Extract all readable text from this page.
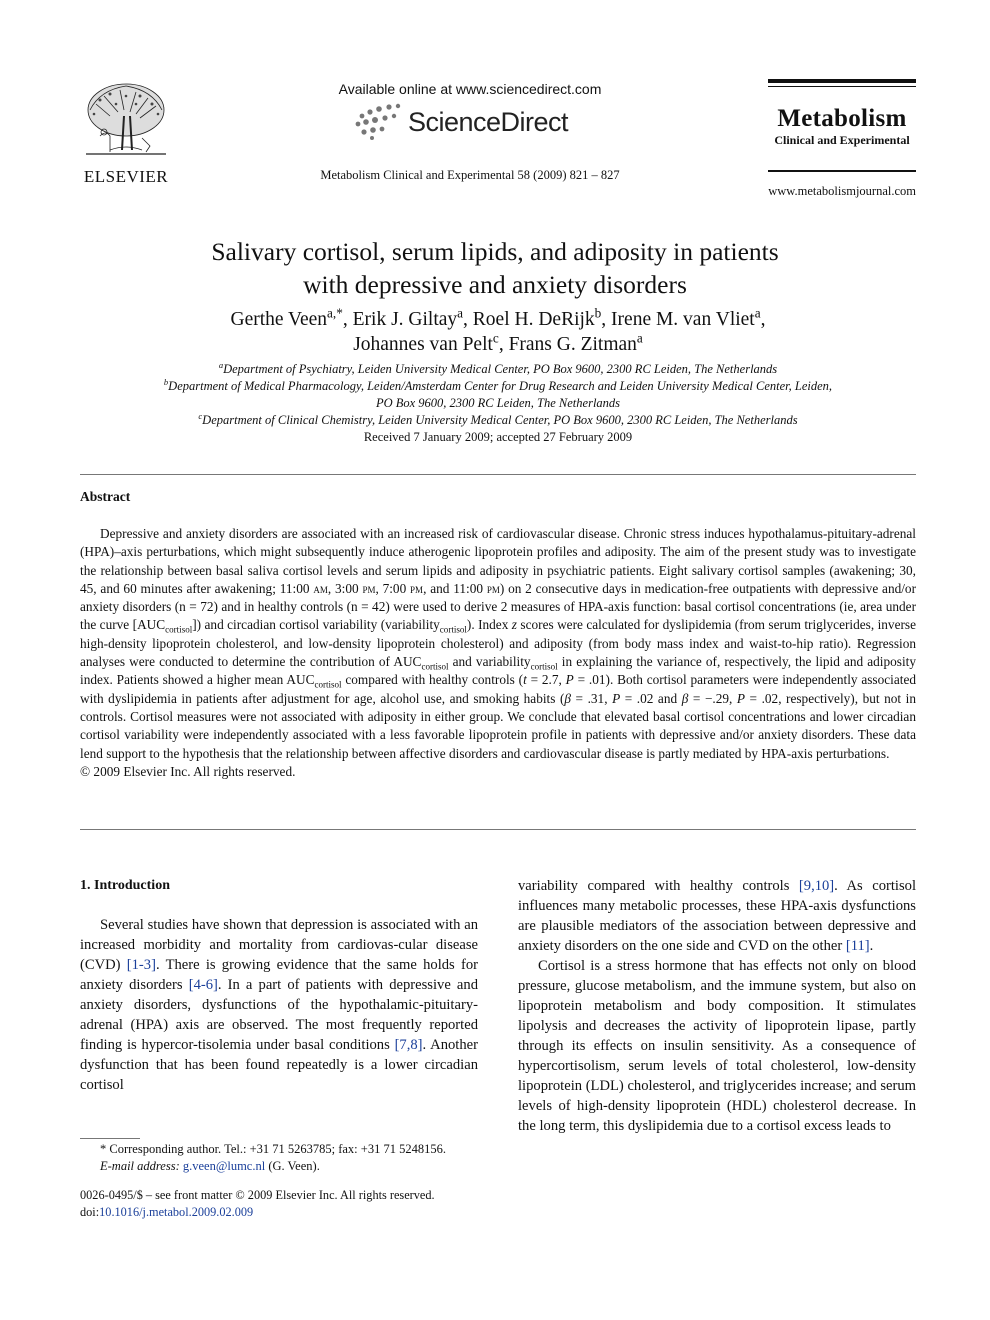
ELSEVIER
Available online at www.sciencedirect.com
ScienceDirect
Metabolism Clinical and Experimental 58 (2009) 821 – 827
Metabolism
Clinical and Experimental
www.metabolismjournal.com
Salivary cortisol, serum lipids, and adiposity in patients
with depressive and anxiety disorders
Gerthe Veen$^{a,*}$, Erik J. Giltay$^a$, Roel H. DeRijk$^b$, Irene M. van Vliet$^a$,
Johannes van Pelt$^c$, Frans G. Zitman$^a$
$^a$Department of Psychiatry, Leiden University Medical Center, PO Box 9600, 2300 RC Leiden, The Netherlands
$^b$Department of Medical Pharmacology, Leiden/Amsterdam Center for Drug Research and Leiden University Medical Center, Leiden,
PO Box 9600, 2300 RC Leiden, The Netherlands
$^c$Department of Clinical Chemistry, Leiden University Medical Center, PO Box 9600, 2300 RC Leiden, The Netherlands
Received 7 January 2009; accepted 27 February 2009
Abstract

Depressive and anxiety disorders are associated with an increased risk of cardiovascular disease. Chronic stress induces hypothalamus-pituitary-adrenal (HPA)–axis perturbations, which might subsequently induce atherogenic lipoprotein profiles and adiposity. The aim of the present study was to investigate the relationship between basal saliva cortisol levels and serum lipids and adiposity in psychiatric patients. Eight salivary cortisol samples (awakening; 30, 45, and 60 minutes after awakening; 11:00 am, 3:00 pm, 7:00 pm, and 11:00 pm) on 2 consecutive days in medication-free outpatients with depressive and/or anxiety disorders (n = 72) and in healthy controls (n = 42) were used to derive 2 measures of HPA-axis function: basal cortisol concentrations (ie, area under the curve $[AUC_{cortisol}]$) and circadian cortisol variability (variability$_{cortisol}$). Index z scores were calculated for dyslipidemia (from serum triglycerides, inverse high-density lipoprotein cholesterol, and low-density lipoprotein cholesterol) and adiposity (from body mass index and waist-to-hip ratio). Regression analyses were conducted to determine the contribution of $AUC_{cortisol}$ and variability$_{cortisol}$ in explaining the variance of, respectively, the lipid and adiposity index. Patients showed a higher mean $AUC_{cortisol}$ compared with healthy controls (t = 2.7, P = .01). Both cortisol parameters were independently associated with dyslipidemia in patients after adjustment for age, alcohol use, and smoking habits (β = .31, P = .02 and β = −.29, P = .02, respectively), but not in controls. Cortisol measures were not associated with adiposity in either group. We conclude that elevated basal cortisol concentrations and lower circadian cortisol variability were independently associated with a less favorable lipoprotein profile in patients with depressive and/or anxiety disorders. These data lend support to the hypothesis that the relationship between affective disorders and cardiovascular disease is partly mediated by HPA-axis perturbations.

© 2009 Elsevier Inc. All rights reserved.

1. Introduction

Several studies have shown that depression is associated with an increased morbidity and mortality from cardiovas-cular disease (CVD) [1-3]. There is growing evidence that the same holds for anxiety disorders [4-6]. In a part of patients with depressive and anxiety disorders, dysfunctions of the hypothalamic-pituitary-adrenal (HPA) axis are observed. The most frequently reported finding is hypercor-tisolemia under basal conditions [7,8]. Another dysfunction that has been found repeatedly is a lower circadian cortisol

variability compared with healthy controls [9,10]. As cortisol influences many metabolic processes, these HPA-axis dysfunctions are plausible mediators of the association between depressive and anxiety disorders on the one side and CVD on the other [11].

Cortisol is a stress hormone that has effects not only on blood pressure, glucose metabolism, and the immune system, but also on lipoprotein metabolism and body composition. It stimulates lipolysis and decreases the activity of lipoprotein lipase, partly through its effects on insulin sensitivity. As a consequence of hypercortisolism, serum levels of total cholesterol, low-density lipoprotein (LDL) cholesterol, and triglycerides increase; and serum levels of high-density lipoprotein (HDL) cholesterol decrease. In the long term, this dyslipidemia due to a cortisol excess leads to

* Corresponding author. Tel.: +31 71 5263785; fax: +31 71 5248156.
E-mail address: g.veen@lumc.nl (G. Veen).
0026-0495/$ – see front matter © 2009 Elsevier Inc. All rights reserved.
doi:10.1016/j.metabol.2009.02.009
